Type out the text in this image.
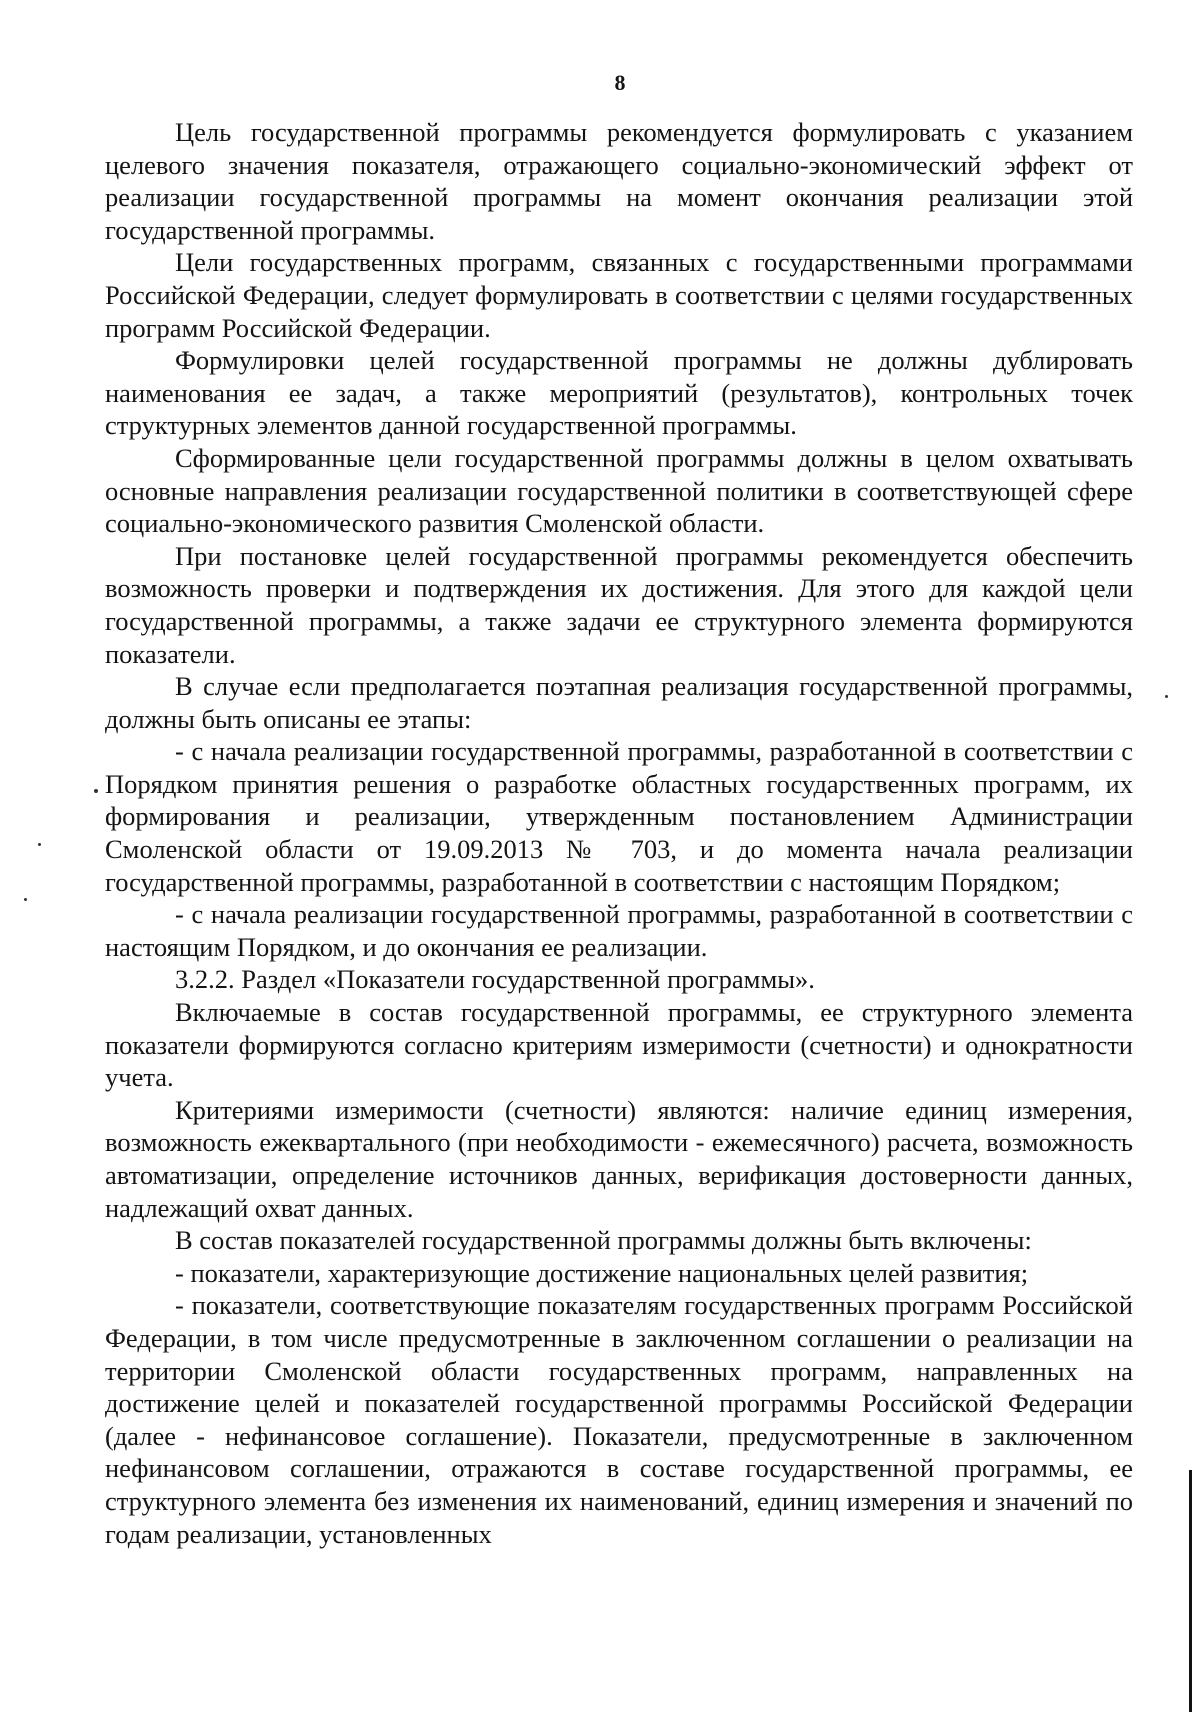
8

Цель государственной программы рекомендуется формулировать с указанием целевого значения показателя, отражающего социально-экономический эффект от реализации государственной программы на момент окончания реализации этой государственной программы.

Цели государственных программ, связанных с государственными программами Российской Федерации, следует формулировать в соответствии с целями государственных программ Российской Федерации.

Формулировки целей государственной программы не должны дублировать наименования ее задач, а также мероприятий (результатов), контрольных точек структурных элементов данной государственной программы.

Сформированные цели государственной программы должны в целом охватывать основные направления реализации государственной политики в соответствующей сфере социально-экономического развития Смоленской области.

При постановке целей государственной программы рекомендуется обеспечить возможность проверки и подтверждения их достижения. Для этого для каждой цели государственной программы, а также задачи ее структурного элемента формируются показатели.

В случае если предполагается поэтапная реализация государственной программы, должны быть описаны ее этапы:

- с начала реализации государственной программы, разработанной в соответствии с Порядком принятия решения о разработке областных государственных программ, их формирования и реализации, утвержденным постановлением Администрации Смоленской области от 19.09.2013 № 703, и до момента начала реализации государственной программы, разработанной в соответствии с настоящим Порядком;

- с начала реализации государственной программы, разработанной в соответствии с настоящим Порядком, и до окончания ее реализации.

3.2.2. Раздел «Показатели государственной программы».

Включаемые в состав государственной программы, ее структурного элемента показатели формируются согласно критериям измеримости (счетности) и однократности учета.

Критериями измеримости (счетности) являются: наличие единиц измерения, возможность ежеквартального (при необходимости - ежемесячного) расчета, возможность автоматизации, определение источников данных, верификация достоверности данных, надлежащий охват данных.

В состав показателей государственной программы должны быть включены:

- показатели, характеризующие достижение национальных целей развития;

- показатели, соответствующие показателям государственных программ Российской Федерации, в том числе предусмотренные в заключенном соглашении о реализации на территории Смоленской области государственных программ, направленных на достижение целей и показателей государственной программы Российской Федерации (далее - нефинансовое соглашение). Показатели, предусмотренные в заключенном нефинансовом соглашении, отражаются в составе государственной программы, ее структурного элемента без изменения их наименований, единиц измерения и значений по годам реализации, установленных
